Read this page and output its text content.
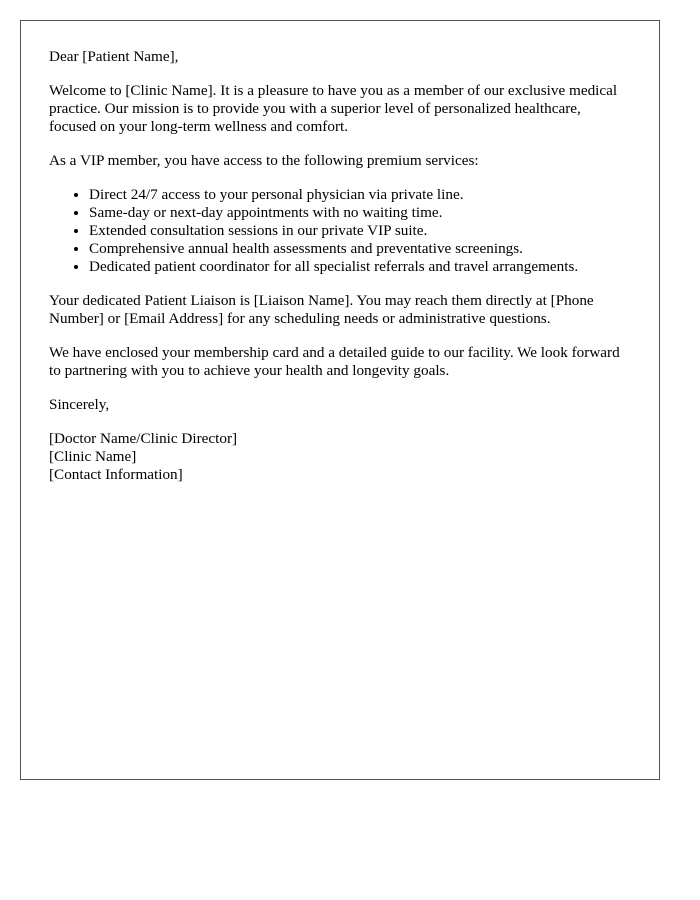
Dear [Patient Name],

Welcome to [Clinic Name]. It is a pleasure to have you as a member of our exclusive medical practice. Our mission is to provide you with a superior level of personalized healthcare, focused on your long-term wellness and comfort.

As a VIP member, you have access to the following premium services:

• Direct 24/7 access to your personal physician via private line.
• Same-day or next-day appointments with no waiting time.
• Extended consultation sessions in our private VIP suite.
• Comprehensive annual health assessments and preventative screenings.
• Dedicated patient coordinator for all specialist referrals and travel arrangements.

Your dedicated Patient Liaison is [Liaison Name]. You may reach them directly at [Phone Number] or [Email Address] for any scheduling needs or administrative questions.

We have enclosed your membership card and a detailed guide to our facility. We look forward to partnering with you to achieve your health and longevity goals.

Sincerely,

[Doctor Name/Clinic Director]
[Clinic Name]
[Contact Information]
